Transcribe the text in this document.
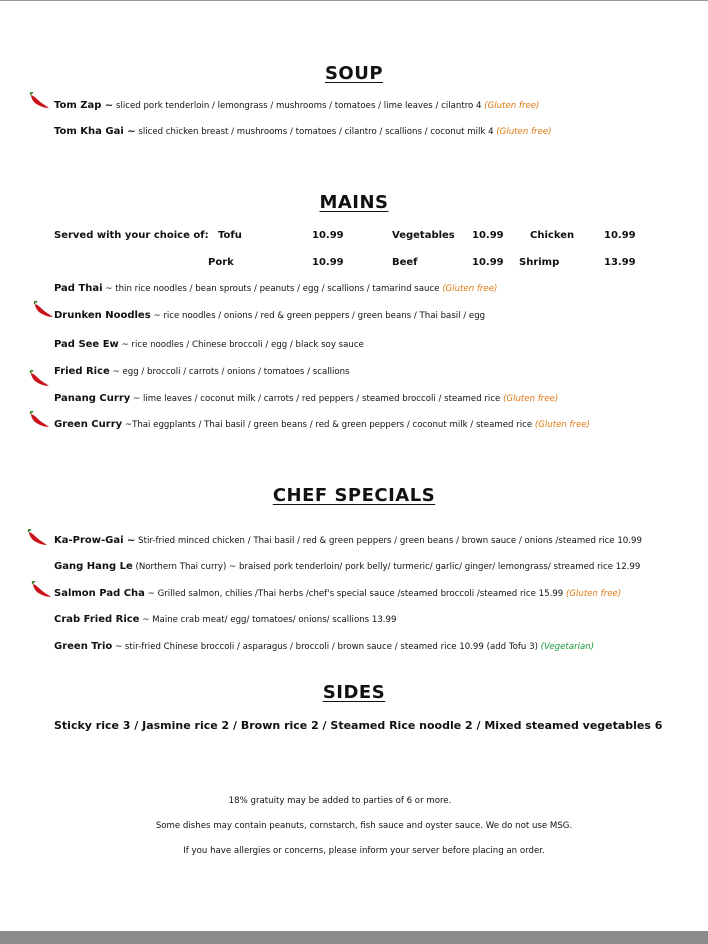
SOUP
Tom Zap ~ sliced pork tenderloin / lemongrass / mushrooms / tomatoes / lime leaves / cilantro 4 (Gluten free)
Tom Kha Gai ~ sliced chicken breast / mushrooms / tomatoes / cilantro / scallions / coconut milk 4 (Gluten free)
MAINS
Served with your choice of: Tofu	10.99	Vegetables 10.99	Chicken	10.99
Pork	10.99	Beef	10.99 Shrimp	13.99
Pad Thai ~ thin rice noodles / bean sprouts / peanuts / egg / scallions / tamarind sauce (Gluten free)
Drunken Noodles ~ rice noodles / onions / red & green peppers / green beans / Thai basil / egg
Pad See Ew ~ rice noodles / Chinese broccoli / egg / black soy sauce
Fried Rice ~ egg / broccoli / carrots / onions / tomatoes / scallions
Panang Curry ~ lime leaves / coconut milk / carrots / red peppers / steamed broccoli / steamed rice (Gluten free)
Green Curry ~Thai eggplants / Thai basil / green beans / red & green peppers / coconut milk / steamed rice (Gluten free)
CHEF SPECIALS
Ka-Prow-Gai ~ Stir-fried minced chicken / Thai basil / red & green peppers / green beans / brown sauce / onions /steamed rice 10.99
Gang Hang Le (Northern Thai curry) ~ braised pork tenderloin/ pork belly/ turmeric/ garlic/ ginger/ lemongrass/ streamed rice 12.99
Salmon Pad Cha ~ Grilled salmon, chilies /Thai herbs /chef's special sauce /steamed broccoli /steamed rice 15.99 (Gluten free)
Crab Fried Rice ~ Maine crab meat/ egg/ tomatoes/ onions/ scallions 13.99
Green Trio ~ stir-fried Chinese broccoli / asparagus / broccoli / brown sauce / steamed rice 10.99 (add Tofu 3) (Vegetarian)
SIDES
Sticky rice 3 / Jasmine rice 2 / Brown rice 2 / Steamed Rice noodle 2 / Mixed steamed vegetables 6
18% gratuity may be added to parties of 6 or more.
Some dishes may contain peanuts, cornstarch, fish sauce and oyster sauce. We do not use MSG.
If you have allergies or concerns, please inform your server before placing an order.
